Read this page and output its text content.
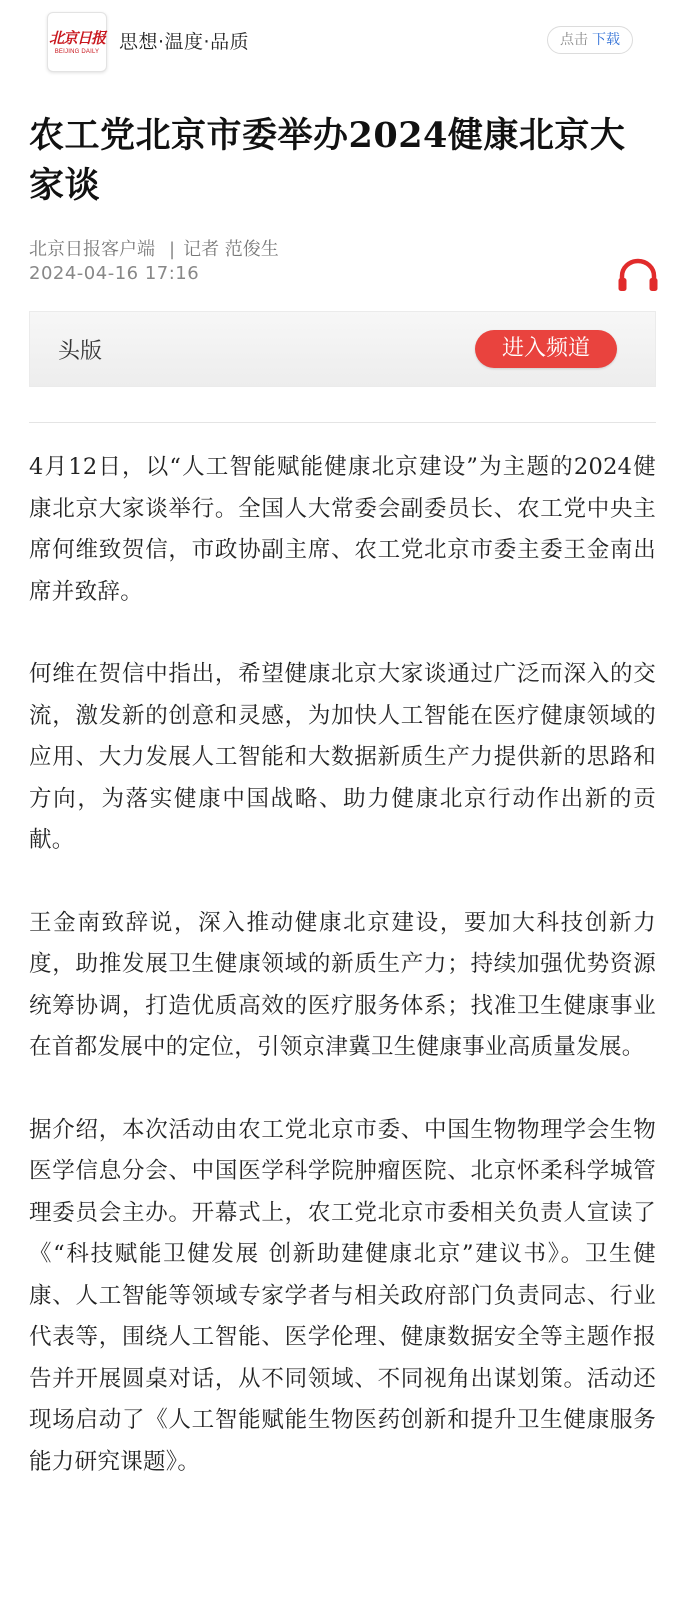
北京日报
BEIJING DAILY	思想·温度·品质	点击 下载
农工党北京市委举办2024健康北京大家谈
北京日报客户端 | 记者 范俊生
2024-04-16 17:16
头版	进入频道

4月12日，以“人工智能赋能健康北京建设”为主题的2024健康北京大家谈举行。全国人大常委会副委员长、农工党中央主席何维致贺信，市政协副主席、农工党北京市委主委王金南出席并致辞。

何维在贺信中指出，希望健康北京大家谈通过广泛而深入的交流，激发新的创意和灵感，为加快人工智能在医疗健康领域的应用、大力发展人工智能和大数据新质生产力提供新的思路和方向，为落实健康中国战略、助力健康北京行动作出新的贡献。

王金南致辞说，深入推动健康北京建设，要加大科技创新力度，助推发展卫生健康领域的新质生产力；持续加强优势资源统筹协调，打造优质高效的医疗服务体系；找准卫生健康事业在首都发展中的定位，引领京津冀卫生健康事业高质量发展。

据介绍，本次活动由农工党北京市委、中国生物物理学会生物医学信息分会、中国医学科学院肿瘤医院、北京怀柔科学城管理委员会主办。开幕式上，农工党北京市委相关负责人宣读了《“科技赋能卫健发展 创新助建健康北京”建议书》。卫生健康、人工智能等领域专家学者与相关政府部门负责同志、行业代表等，围绕人工智能、医学伦理、健康数据安全等主题作报告并开展圆桌对话，从不同领域、不同视角出谋划策。活动还现场启动了《人工智能赋能生物医药创新和提升卫生健康服务能力研究课题》。
